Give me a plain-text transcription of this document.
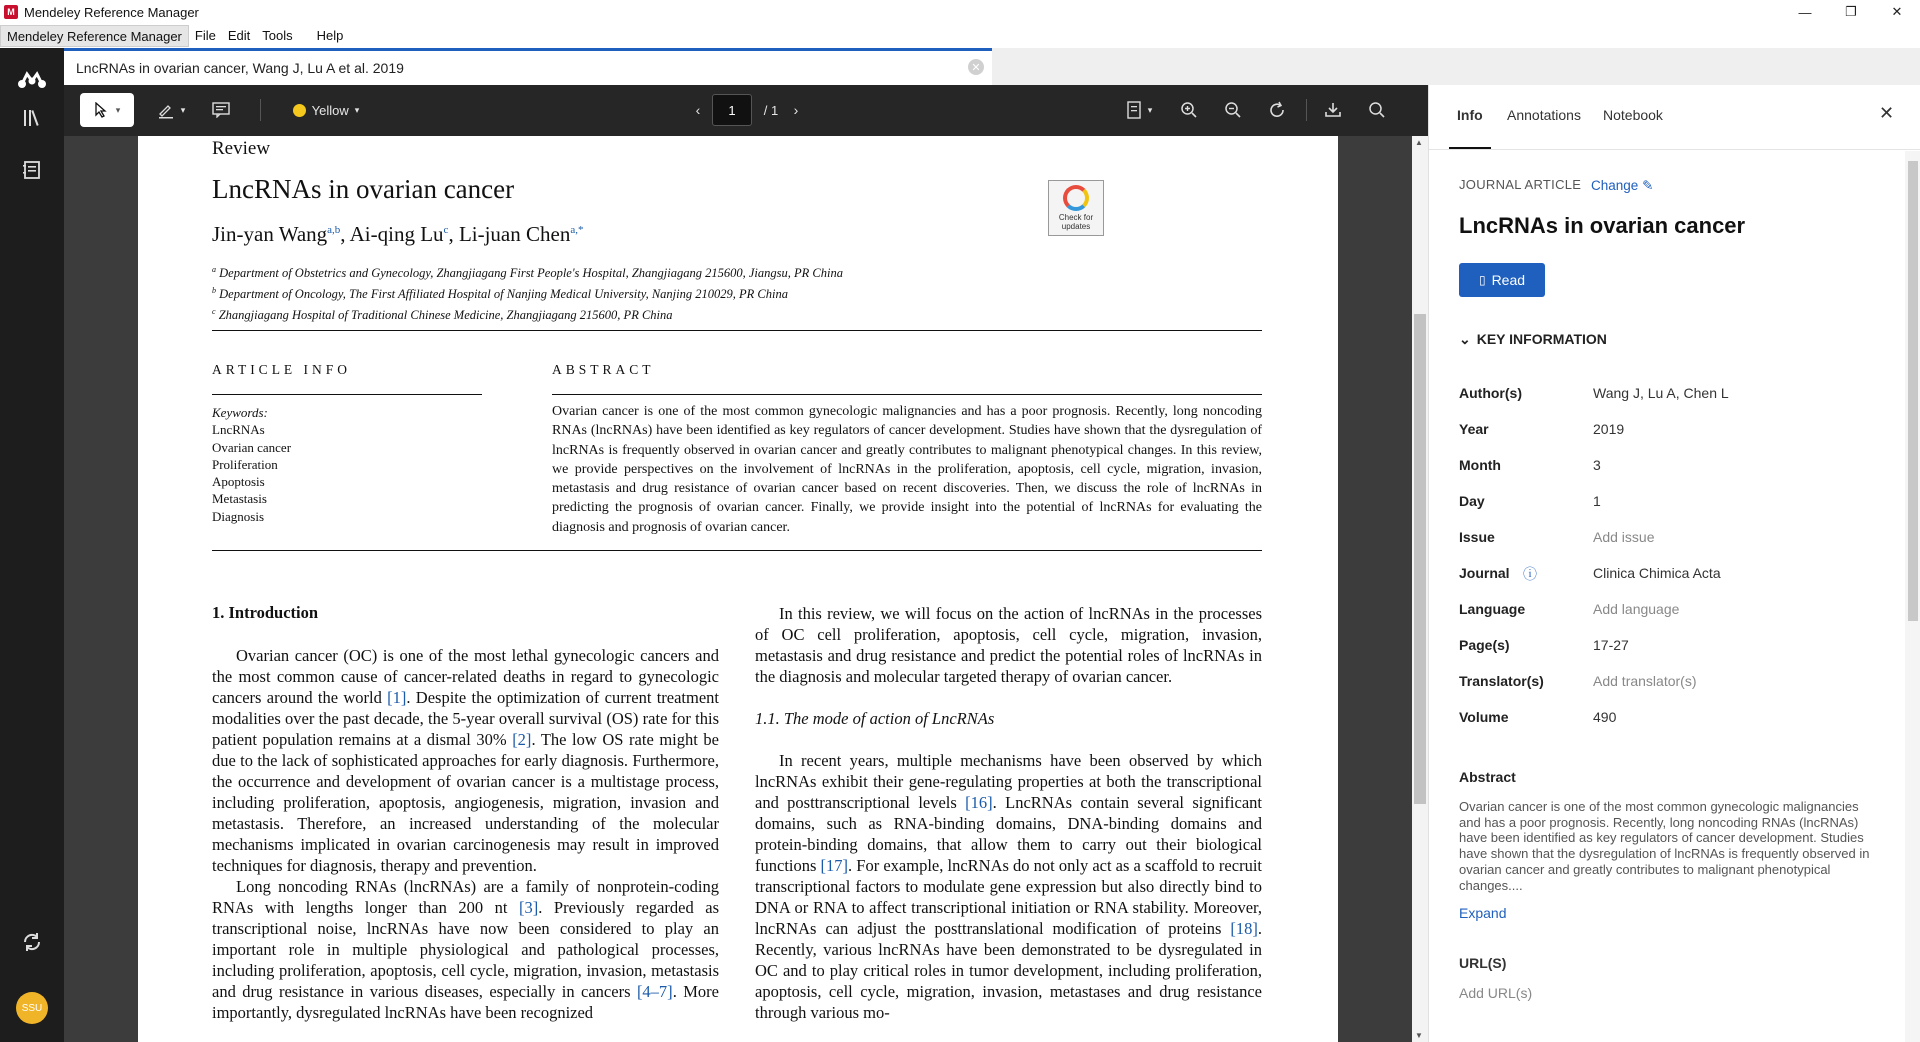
M Mendeley Reference Manager	—	❐	✕
Mendeley Reference Manager	File Edit Tools	Help
LncRNAs in ovarian cancer, Wang J, Lu A et al. 2019	✕
SSU
▾	▾	Yellow ▾	‹	1	/ 1	›	▾
Review
LncRNAs in ovarian cancer
Jin-yan Wang$^{a,b}$, Ai-qing Lu$^c$, Li-juan Chen$^{a,*}$
$^a$ Department of Obstetrics and Gynecology, Zhangjiagang First People's Hospital, Zhangjiagang 215600, Jiangsu, PR China
$^b$ Department of Oncology, The First Affiliated Hospital of Nanjing Medical University, Nanjing 210029, PR China
$^c$ Zhangjiagang Hospital of Traditional Chinese Medicine, Zhangjiagang 215600, PR China
Check for updates
ARTICLE INFO	ABSTRACT
Keywords:
LncRNAs
Ovarian cancer
Proliferation
Apoptosis
Metastasis
Diagnosis
Ovarian cancer is one of the most common gynecologic malignancies and has a poor prognosis. Recently, long noncoding RNAs (lncRNAs) have been identified as key regulators of cancer development. Studies have shown that the dysregulation of lncRNAs is frequently observed in ovarian cancer and greatly contributes to malignant phenotypical changes. In this review, we provide perspectives on the involvement of lncRNAs in the proliferation, apoptosis, cell cycle, migration, invasion, metastasis and drug resistance of ovarian cancer based on recent discoveries. Then, we discuss the role of lncRNAs in predicting the prognosis of ovarian cancer. Finally, we provide insight into the potential of lncRNAs for evaluating the diagnosis and prognosis of ovarian cancer.
1. Introduction

Ovarian cancer (OC) is one of the most lethal gynecologic cancers and the most common cause of cancer-related deaths in regard to gynecologic cancers around the world [1]. Despite the optimization of current treatment modalities over the past decade, the 5-year overall survival (OS) rate for this patient population remains at a dismal 30% [2]. The low OS rate might be due to the lack of sophisticated approaches for early diagnosis. Furthermore, the occurrence and development of ovarian cancer is a multistage process, including proliferation, apoptosis, angiogenesis, migration, invasion and metastasis. Therefore, an increased understanding of the molecular mechanisms implicated in ovarian carcinogenesis may result in improved techniques for diagnosis, therapy and prevention.

Long noncoding RNAs (lncRNAs) are a family of nonprotein-coding RNAs with lengths longer than 200 nt [3]. Previously regarded as transcriptional noise, lncRNAs have now been considered to play an important role in multiple physiological and pathological processes, including proliferation, apoptosis, cell cycle, migration, invasion, metastasis and drug resistance in various diseases, especially in cancers [4–7]. More importantly, dysregulated lncRNAs have been recognized

In this review, we will focus on the action of lncRNAs in the processes of OC cell proliferation, apoptosis, cell cycle, migration, invasion, metastasis and drug resistance and predict the potential roles of lncRNAs in the diagnosis and molecular targeted therapy of ovarian cancer.

1.1. The mode of action of LncRNAs

In recent years, multiple mechanisms have been observed by which lncRNAs exhibit their gene-regulating properties at both the transcriptional and posttranscriptional levels [16]. LncRNAs contain several significant domains, such as RNA-binding domains, DNA-binding domains and protein-binding domains, that allow them to carry out their biological functions [17]. For example, lncRNAs do not only act as a scaffold to recruit transcriptional factors to modulate gene expression but also directly bind to DNA or RNA to affect transcriptional initiation or RNA stability. Moreover, lncRNAs can adjust the posttranslational modification of proteins [18]. Recently, various lncRNAs have been demonstrated to be dysregulated in OC and to play critical roles in tumor development, including proliferation, apoptosis, cell cycle, migration, invasion, metastases and drug resistance through various mo-

▲
▼
Info Annotations Notebook	✕
JOURNAL ARTICLE Change ✎
LncRNAs in ovarian cancer
▯ Read
⌄ KEY INFORMATION
Author(s)	Wang J, Lu A, Chen L
Year	2019
Month	3
Day	1
Issue	Add issue
Journal ⓘ	Clinica Chimica Acta
Language	Add language
Page(s)	17-27
Translator(s)	Add translator(s)
Volume	490
Abstract
Ovarian cancer is one of the most common gynecologic malignancies and has a poor prognosis. Recently, long noncoding RNAs (lncRNAs) have been identified as key regulators of cancer development. Studies have shown that the dysregulation of lncRNAs is frequently observed in ovarian cancer and greatly contributes to malignant phenotypical changes....
Expand
URL(S)
Add URL(s)
